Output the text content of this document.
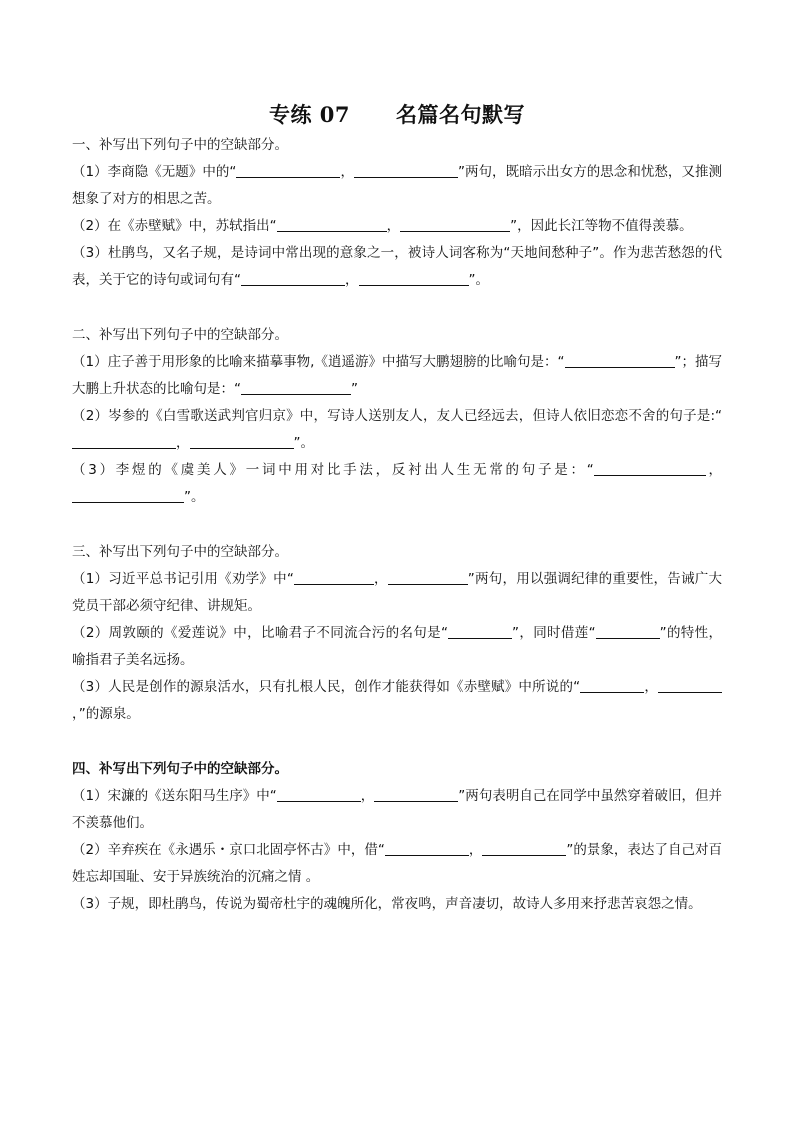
专练 07 名篇名句默写
一、补写出下列句子中的空缺部分。
（1）李商隐《无题》中的“	，	”两句，既暗示出女方的思念和忧愁，又推测想象了对方的相思之苦。
（2）在《赤壁赋》中，苏轼指出“	，	”，因此长江等物不值得羡慕。
（3）杜鹃鸟，又名子规，是诗词中常出现的意象之一，被诗人词客称为“天地间愁种子”。作为悲苦愁怨的代表，关于它的诗句或词句有“	，	”。
二、补写出下列句子中的空缺部分。
（1）庄子善于用形象的比喻来描摹事物,《逍遥游》中描写大鹏翅膀的比喻句是：“	”；描写大鹏上升状态的比喻句是：“	”
（2）岑参的《白雪歌送武判官归京》中，写诗人送别友人，友人已经远去，但诗人依旧恋恋不舍的句子是:“，	”。
（3）李煜的《虞美人》一词中用对比手法，反衬出人生无常的句子是：“	，”。
三、补写出下列句子中的空缺部分。
（1）习近平总书记引用《劝学》中“	，	”两句，用以强调纪律的重要性，告诫广大党员干部必须守纪律、讲规矩。
（2）周敦颐的《爱莲说》中，比喻君子不同流合污的名句是“	”，同时借莲“	”的特性，喻指君子美名远扬。
（3）人民是创作的源泉活水，只有扎根人民，创作才能获得如《赤壁赋》中所说的“	，，”的源泉。
四、补写出下列句子中的空缺部分。
（1）宋濂的《送东阳马生序》中“	，	”两句表明自己在同学中虽然穿着破旧，但并不羡慕他们。
（2）辛弃疾在《永遇乐・京口北固亭怀古》中，借“	，	”的景象，表达了自己对百姓忘却国耻、安于异族统治的沉痛之情 。
（3）子规，即杜鹃鸟，传说为蜀帝杜宇的魂魄所化，常夜鸣，声音凄切，故诗人多用来抒悲苦哀怨之情。
